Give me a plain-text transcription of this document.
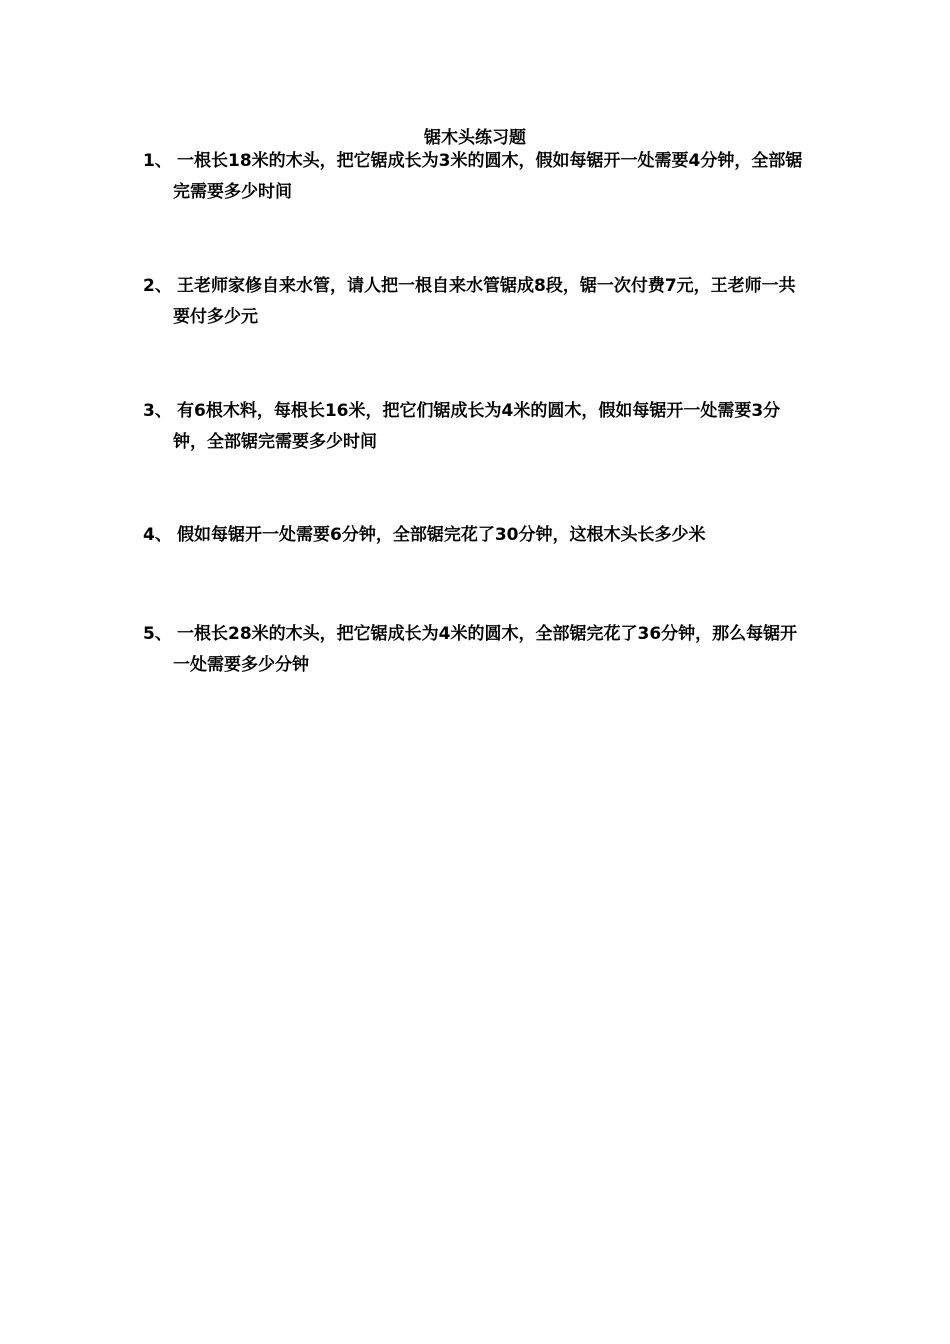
锯木头练习题
1、 一根长18米的木头，把它锯成长为3米的圆木，假如每锯开一处需要4分钟，全部锯完需要多少时间
2、 王老师家修自来水管，请人把一根自来水管锯成8段，锯一次付费7元，王老师一共要付多少元
3、 有6根木料，每根长16米，把它们锯成长为4米的圆木，假如每锯开一处需要3分钟，全部锯完需要多少时间
4、 假如每锯开一处需要6分钟，全部锯完花了30分钟，这根木头长多少米
5、 一根长28米的木头，把它锯成长为4米的圆木，全部锯完花了36分钟，那么每锯开一处需要多少分钟
